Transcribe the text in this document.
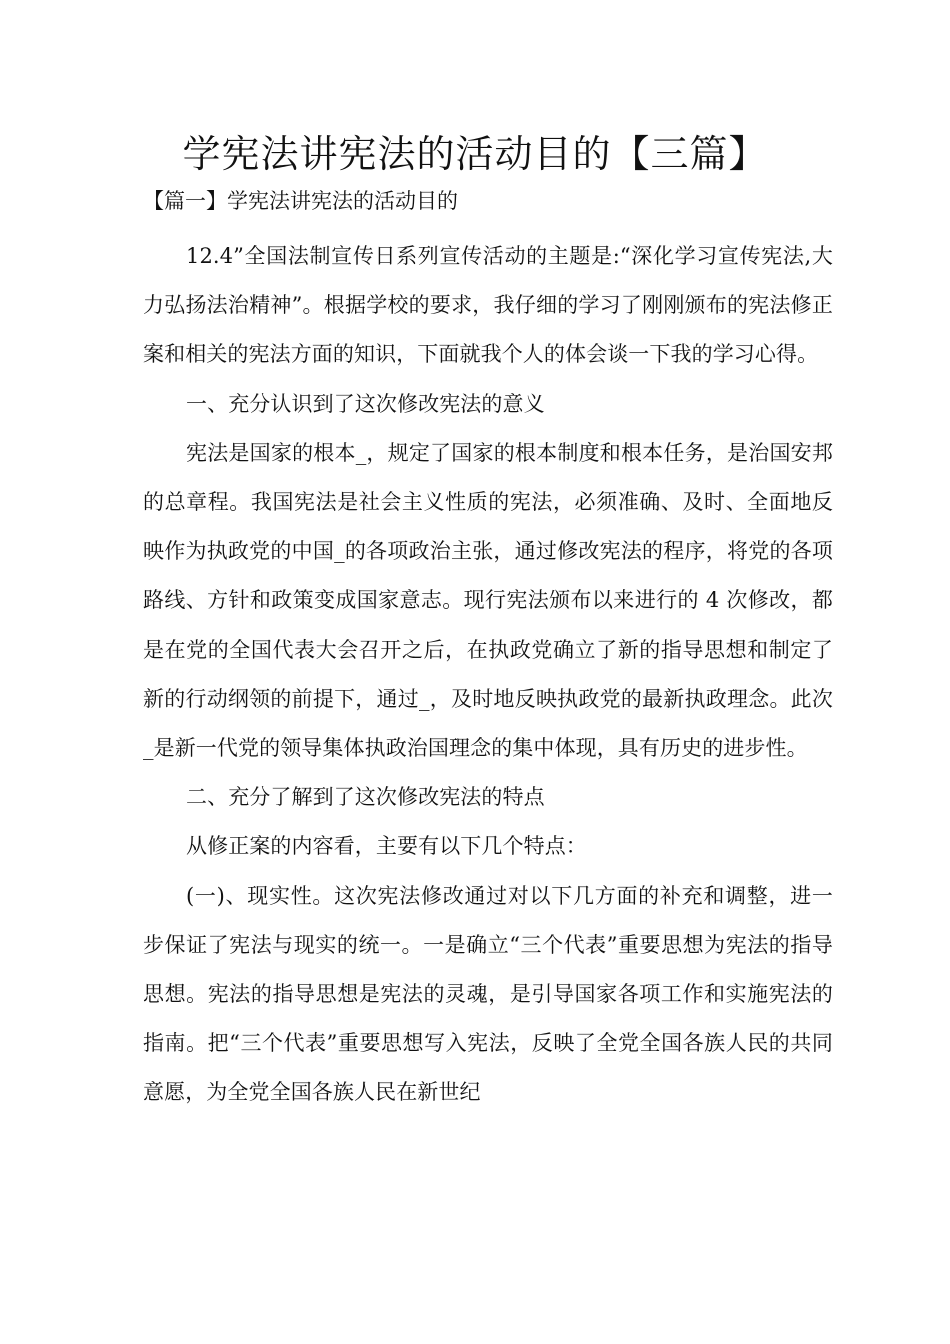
学宪法讲宪法的活动目的【三篇】

【篇一】学宪法讲宪法的活动目的

12.4”全国法制宣传日系列宣传活动的主题是:“深化学习宣传宪法,大力弘扬法治精神”。根据学校的要求，我仔细的学习了刚刚颁布的宪法修正案和相关的宪法方面的知识，下面就我个人的体会谈一下我的学习心得。

一、充分认识到了这次修改宪法的意义

宪法是国家的根本_，规定了国家的根本制度和根本任务，是治国安邦的总章程。我国宪法是社会主义性质的宪法，必须准确、及时、全面地反映作为执政党的中国_的各项政治主张，通过修改宪法的程序，将党的各项路线、方针和政策变成国家意志。现行宪法颁布以来进行的 4 次修改，都是在党的全国代表大会召开之后，在执政党确立了新的指导思想和制定了新的行动纲领的前提下，通过_，及时地反映执政党的最新执政理念。此次_是新一代党的领导集体执政治国理念的集中体现，具有历史的进步性。

二、充分了解到了这次修改宪法的特点

从修正案的内容看，主要有以下几个特点：

(一)、现实性。这次宪法修改通过对以下几方面的补充和调整，进一步保证了宪法与现实的统一。一是确立“三个代表”重要思想为宪法的指导思想。宪法的指导思想是宪法的灵魂，是引导国家各项工作和实施宪法的指南。把“三个代表”重要思想写入宪法，反映了全党全国各族人民的共同意愿，为全党全国各族人民在新世纪
